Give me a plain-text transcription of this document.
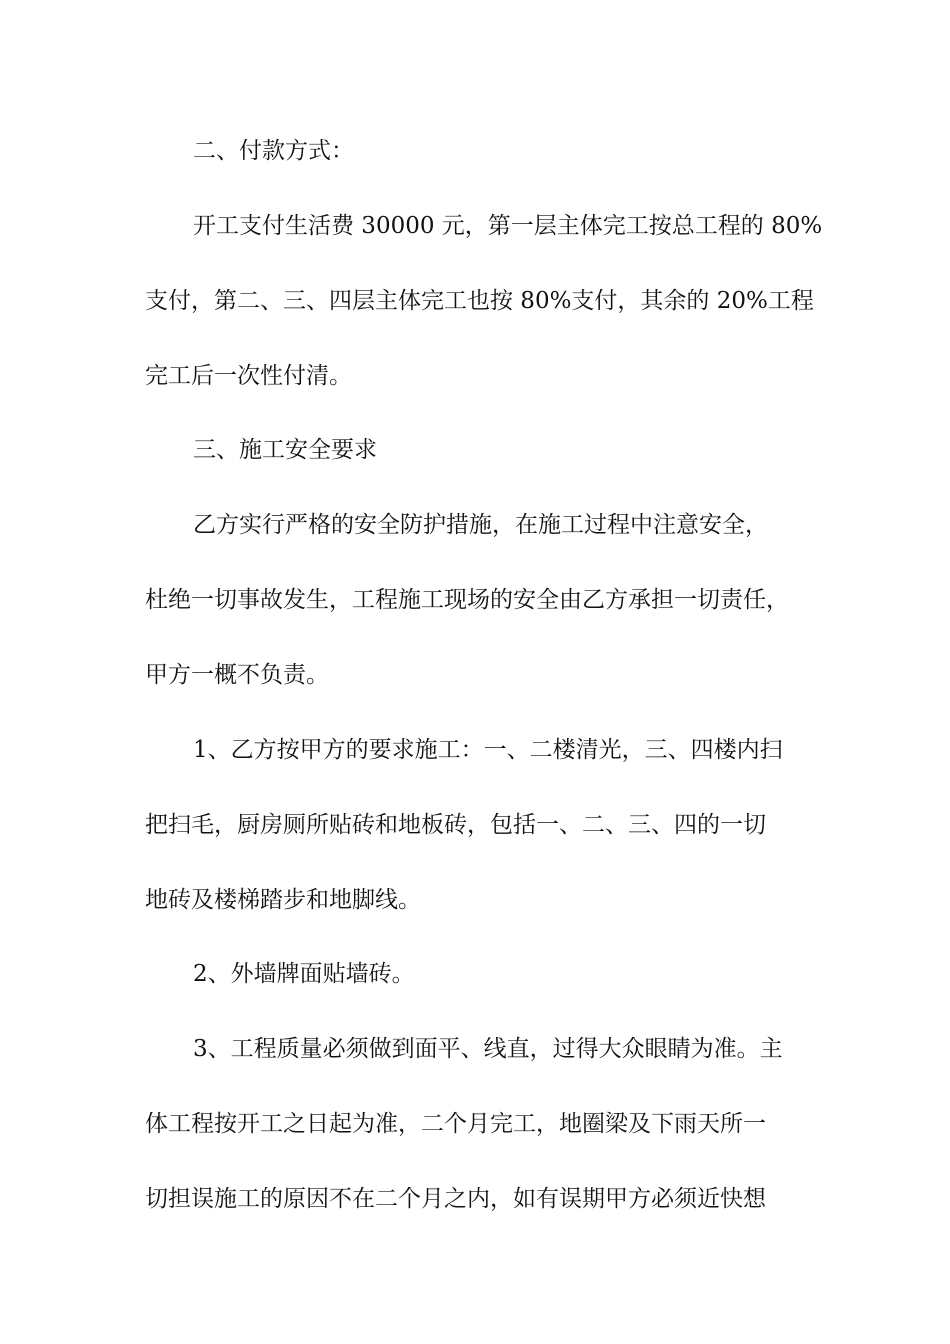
二、付款方式：
开工支付生活费 30000 元，第一层主体完工按总工程的 80%
支付，第二、三、四层主体完工也按 80%支付，其余的 20%工程
完工后一次性付清。
三、施工安全要求
乙方实行严格的安全防护措施，在施工过程中注意安全，
杜绝一切事故发生，工程施工现场的安全由乙方承担一切责任，
甲方一概不负责。
1、乙方按甲方的要求施工：一、二楼清光，三、四楼内扫
把扫毛，厨房厕所贴砖和地板砖，包括一、二、三、四的一切
地砖及楼梯踏步和地脚线。
2、外墙牌面贴墙砖。
3、工程质量必须做到面平、线直，过得大众眼睛为准。主
体工程按开工之日起为准，二个月完工，地圈梁及下雨天所一
切担误施工的原因不在二个月之内，如有误期甲方必须近快想
